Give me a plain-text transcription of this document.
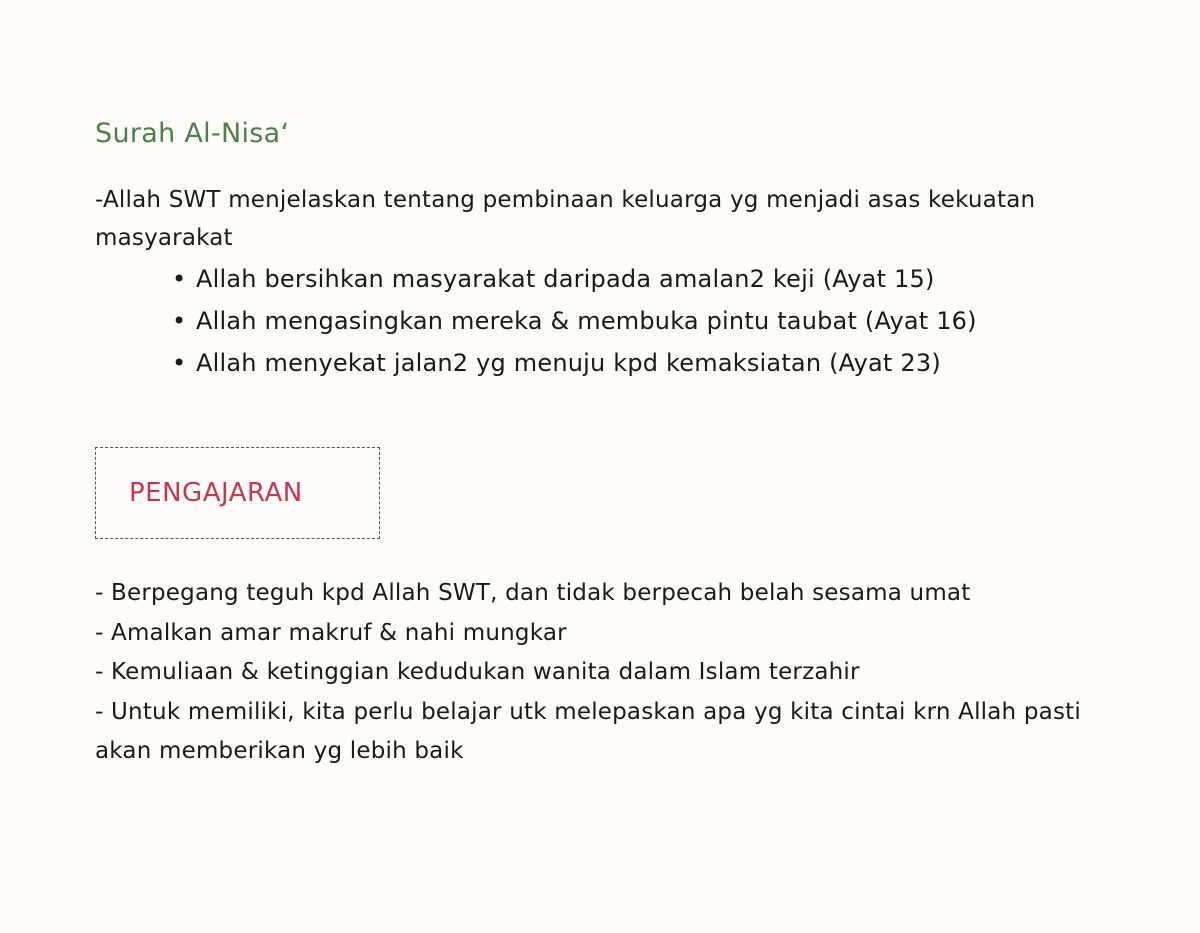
Surah Al-Nisa‘
-Allah SWT menjelaskan tentang pembinaan keluarga yg menjadi asas kekuatan masyarakat
• Allah bersihkan masyarakat daripada amalan2 keji (Ayat 15)
• Allah mengasingkan mereka & membuka pintu taubat (Ayat 16)
• Allah menyekat jalan2 yg menuju kpd kemaksiatan (Ayat 23)
PENGAJARAN
- Berpegang teguh kpd Allah SWT, dan tidak berpecah belah sesama umat
- Amalkan amar makruf & nahi mungkar
- Kemuliaan & ketinggian kedudukan wanita dalam Islam terzahir
- Untuk memiliki, kita perlu belajar utk melepaskan apa yg kita cintai krn Allah pasti akan memberikan yg lebih baik
